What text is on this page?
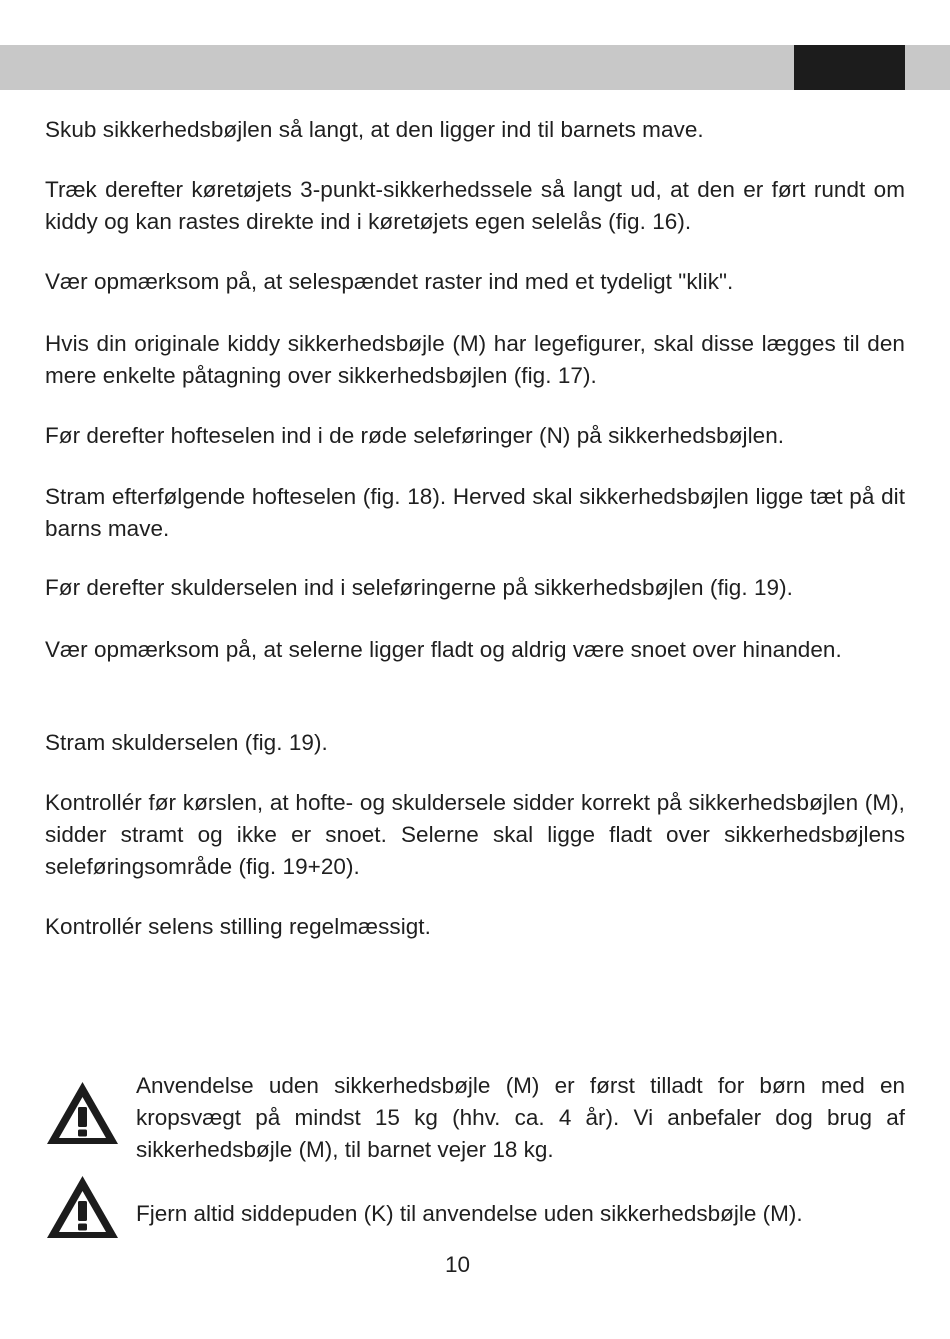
Skub sikkerhedsbøjlen så langt, at den ligger ind til barnets mave.

Træk derefter køretøjets 3-punkt-sikkerhedssele så langt ud, at den er ført rundt om kiddy og kan rastes direkte ind i køretøjets egen selelås (fig. 16).

Vær opmærksom på, at selespændet raster ind med et tydeligt "klik".

Hvis din originale kiddy sikkerhedsbøjle (M) har legefigurer, skal disse lægges til den mere enkelte påtagning over sikkerhedsbøjlen (fig. 17).

Før derefter hofteselen ind i de røde seleføringer (N) på sikkerhedsbøjlen.

Stram efterfølgende hofteselen (fig. 18). Herved skal sikkerhedsbøjlen ligge tæt på dit barns mave.

Før derefter skulderselen ind i seleføringerne på sikkerhedsbøjlen (fig. 19).

Vær opmærksom på, at selerne ligger fladt og aldrig være snoet over hinanden.

Stram skulderselen (fig. 19).

Kontrollér før kørslen, at hofte- og skuldersele sidder korrekt på sikkerhedsbøjlen (M), sidder stramt og ikke er snoet. Selerne skal ligge fladt over sikkerhedsbøjlens seleføringsområde (fig. 19+20).

Kontrollér selens stilling regelmæssigt.

Anvendelse uden sikkerhedsbøjle (M) er først tilladt for børn med en kropsvægt på mindst 15 kg (hhv. ca. 4 år). Vi anbefaler dog brug af sikkerhedsbøjle (M), til barnet vejer 18 kg.

Fjern altid siddepuden (K) til anvendelse uden sikkerhedsbøjle (M).

10
